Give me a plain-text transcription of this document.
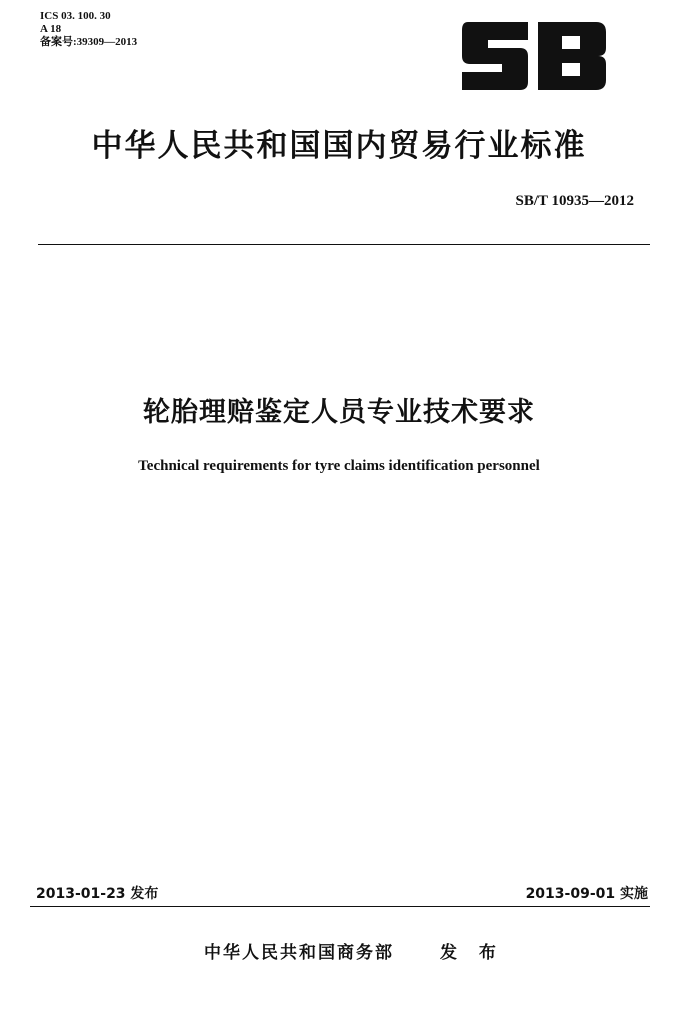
ICS 03. 100. 30
A 18
备案号:39309—2013
中华人民共和国国内贸易行业标准
SB/T 10935—2012
轮胎理赔鉴定人员专业技术要求
Technical requirements for tyre claims identification personnel
2013-01-23 发布	2013-09-01 实施
中华人民共和国商务部	发 布
